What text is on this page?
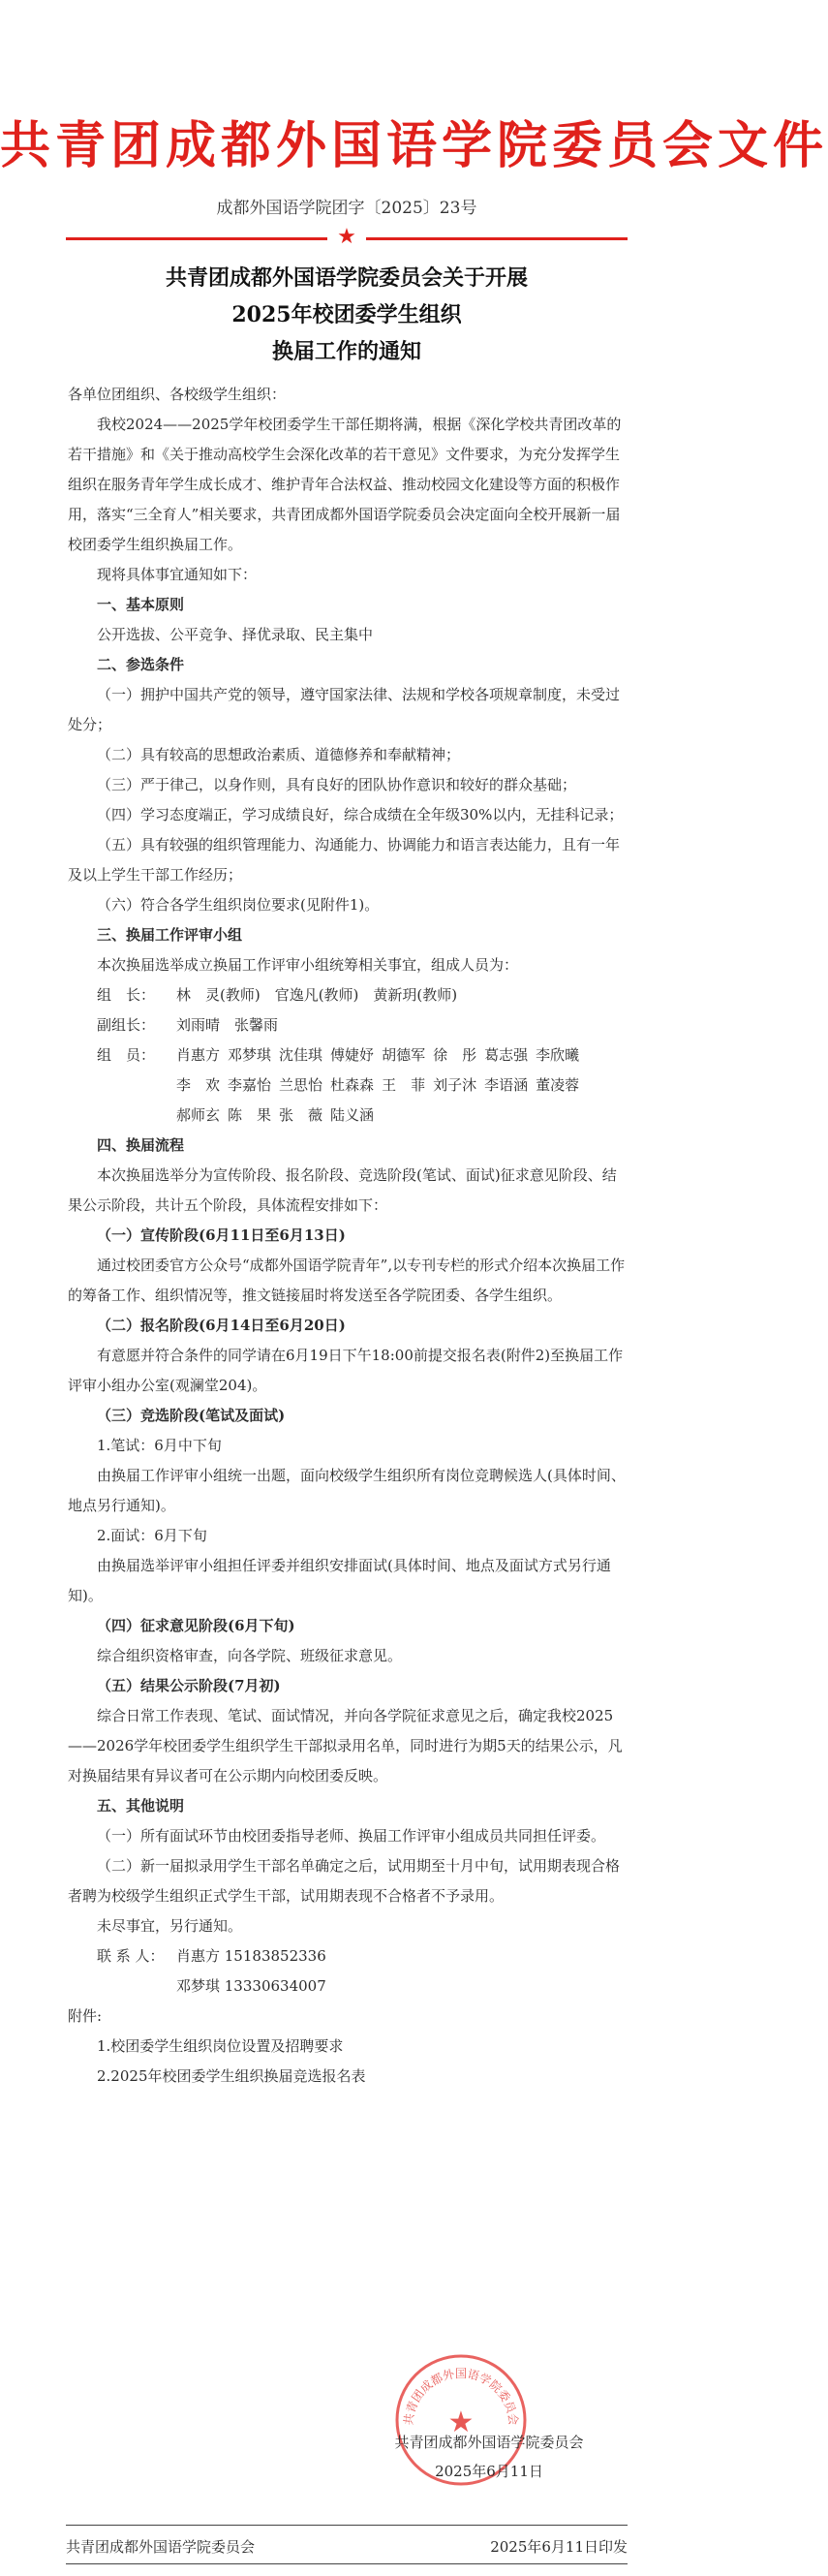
共青团成都外国语学院委员会文件
成都外国语学院团字〔2025〕23号
★
共青团成都外国语学院委员会关于开展
2025年校团委学生组织
换届工作的通知

各单位团组织、各校级学生组织：

我校2024——2025学年校团委学生干部任期将满，根据《深化学校共青团改革的若干措施》和《关于推动高校学生会深化改革的若干意见》文件要求，为充分发挥学生组织在服务青年学生成长成才、维护青年合法权益、推动校园文化建设等方面的积极作用，落实“三全育人”相关要求，共青团成都外国语学院委员会决定面向全校开展新一届校团委学生组织换届工作。

现将具体事宜通知如下：

一、基本原则

公开选拔、公平竞争、择优录取、民主集中

二、参选条件

（一）拥护中国共产党的领导，遵守国家法律、法规和学校各项规章制度，未受过处分；

（二）具有较高的思想政治素质、道德修养和奉献精神；

（三）严于律己，以身作则，具有良好的团队协作意识和较好的群众基础；

（四）学习态度端正，学习成绩良好，综合成绩在全年级30%以内，无挂科记录；

（五）具有较强的组织管理能力、沟通能力、协调能力和语言表达能力，且有一年及以上学生干部工作经历；

（六）符合各学生组织岗位要求(见附件1)。

三、换届工作评审小组

本次换届选举成立换届工作评审小组统筹相关事宜，组成人员为：

组　长：	林　灵(教师)　官逸凡(教师)　黄新玥(教师)
副组长：	刘雨晴　张馨雨
组　员：	肖惠方 邓梦琪 沈佳琪 傅婕妤 胡德军 徐　彤 葛志强 李欣曦李　欢 李嘉怡 兰思怡 杜森森 王　菲 刘子沐 李语涵 董凌蓉郝师玄 陈　果 张　薇 陆义涵

四、换届流程

本次换届选举分为宣传阶段、报名阶段、竞选阶段(笔试、面试)征求意见阶段、结果公示阶段，共计五个阶段，具体流程安排如下：

（一）宣传阶段(6月11日至6月13日)

通过校团委官方公众号“成都外国语学院青年”,以专刊专栏的形式介绍本次换届工作的筹备工作、组织情况等，推文链接届时将发送至各学院团委、各学生组织。

（二）报名阶段(6月14日至6月20日)

有意愿并符合条件的同学请在6月19日下午18:00前提交报名表(附件2)至换届工作评审小组办公室(观澜堂204)。

（三）竞选阶段(笔试及面试)

1.笔试：6月中下旬

由换届工作评审小组统一出题，面向校级学生组织所有岗位竞聘候选人(具体时间、地点另行通知)。

2.面试：6月下旬

由换届选举评审小组担任评委并组织安排面试(具体时间、地点及面试方式另行通知)。

（四）征求意见阶段(6月下旬)

综合组织资格审查，向各学院、班级征求意见。

（五）结果公示阶段(7月初)

综合日常工作表现、笔试、面试情况，并向各学院征求意见之后，确定我校2025——2026学年校团委学生组织学生干部拟录用名单，同时进行为期5天的结果公示，凡对换届结果有异议者可在公示期内向校团委反映。

五、其他说明

（一）所有面试环节由校团委指导老师、换届工作评审小组成员共同担任评委。

（二）新一届拟录用学生干部名单确定之后，试用期至十月中旬，试用期表现合格者聘为校级学生组织正式学生干部，试用期表现不合格者不予录用。

未尽事宜，另行通知。

联 系 人： 肖惠方 15183852336
邓梦琪 13330634007

附件:

1.校团委学生组织岗位设置及招聘要求

2.2025年校团委学生组织换届竞选报名表

共青团成都外国语学院委员会
★
共青团成都外国语学院委员会
2025年6月11日
共青团成都外国语学院委员会	2025年6月11日印发
